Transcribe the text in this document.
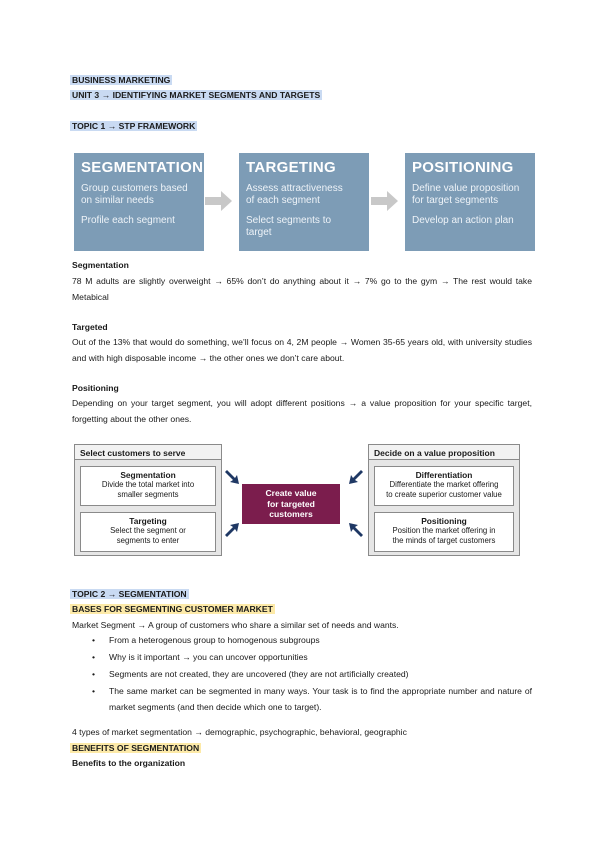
BUSINESS MARKETING
UNIT 3 → IDENTIFYING MARKET SEGMENTS AND TARGETS
TOPIC 1 → STP FRAMEWORK
SEGMENTATION
Group customers based
on similar needs
Profile each segment
TARGETING
Assess attractiveness
of each segment
Select segments to
target
POSITIONING
Define value proposition
for target segments
Develop an action plan
Segmentation
78 M adults are slightly overweight → 65% don’t do anything about it → 7% go to the gym → The rest would take Metabical
Targeted
Out of the 13% that would do something, we’ll focus on 4, 2M people → Women 35-65 years old, with university studies and with high disposable income → the other ones we don’t care about.
Positioning
Depending on your target segment, you will adopt different positions → a value proposition for your specific target, forgetting about the other ones.
Select customers to serve
Segmentation
Divide the total market into
smaller segments
Targeting
Select the segment or
segments to enter
Create value
for targeted
customers
Decide on a value proposition
Differentiation
Differentiate the market offering
to create superior customer value
Positioning
Position the market offering in
the minds of target customers
TOPIC 2 → SEGMENTATION
BASES FOR SEGMENTING CUSTOMER MARKET
Market Segment → A group of customers who share a similar set of needs and wants.
• From a heterogenous group to homogenous subgroups
• Why is it important → you can uncover opportunities
• Segments are not created, they are uncovered (they are not artificially created)
• The same market can be segmented in many ways. Your task is to find the appropriate number and nature of market segments (and then decide which one to target).
4 types of market segmentation → demographic, psychographic, behavioral, geographic
BENEFITS OF SEGMENTATION
Benefits to the organization
